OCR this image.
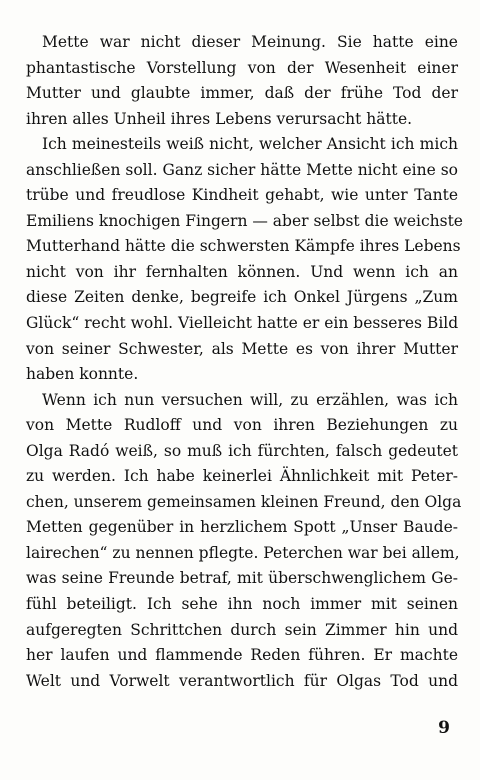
Mette war nicht dieser Meinung. Sie hatte eine
phantastische Vorstellung von der Wesenheit einer
Mutter und glaubte immer, daß der frühe Tod der
ihren alles Unheil ihres Lebens verursacht hätte.
Ich meinesteils weiß nicht, welcher Ansicht ich mich
anschließen soll. Ganz sicher hätte Mette nicht eine so
trübe und freudlose Kindheit gehabt, wie unter Tante
Emiliens knochigen Fingern — aber selbst die weichste
Mutterhand hätte die schwersten Kämpfe ihres Lebens
nicht von ihr fernhalten können. Und wenn ich an
diese Zeiten denke, begreife ich Onkel Jürgens „Zum
Glück“ recht wohl. Vielleicht hatte er ein besseres Bild
von seiner Schwester, als Mette es von ihrer Mutter
haben konnte.
Wenn ich nun versuchen will, zu erzählen, was ich
von Mette Rudloff und von ihren Beziehungen zu
Olga Radó weiß, so muß ich fürchten, falsch gedeutet
zu werden. Ich habe keinerlei Ähnlichkeit mit Peter-
chen, unserem gemeinsamen kleinen Freund, den Olga
Metten gegenüber in herzlichem Spott „Unser Baude-
lairechen“ zu nennen pflegte. Peterchen war bei allem,
was seine Freunde betraf, mit überschwenglichem Ge-
fühl beteiligt. Ich sehe ihn noch immer mit seinen
aufgeregten Schrittchen durch sein Zimmer hin und
her laufen und flammende Reden führen. Er machte
Welt und Vorwelt verantwortlich für Olgas Tod und
9
